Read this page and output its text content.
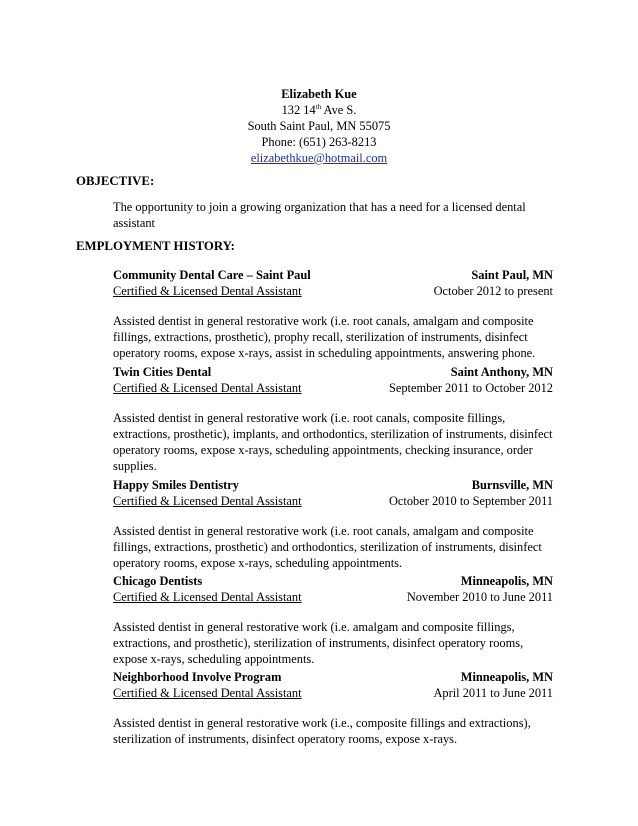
Elizabeth Kue
132 14th Ave S.
South Saint Paul, MN 55075
Phone: (651) 263-8213
elizabethkue@hotmail.com
OBJECTIVE:
The opportunity to join a growing organization that has a need for a licensed dental assistant
EMPLOYMENT HISTORY:
Community Dental Care – Saint Paul	Saint Paul, MN
Certified & Licensed Dental Assistant	October 2012 to present
Assisted dentist in general restorative work (i.e. root canals, amalgam and composite fillings, extractions, prosthetic), prophy recall, sterilization of instruments, disinfect operatory rooms, expose x-rays, assist in scheduling appointments, answering phone.
Twin Cities Dental	Saint Anthony, MN
Certified & Licensed Dental Assistant	September 2011 to October 2012
Assisted dentist in general restorative work (i.e. root canals, composite fillings, extractions, prosthetic), implants, and orthodontics, sterilization of instruments, disinfect operatory rooms, expose x-rays, scheduling appointments, checking insurance, order supplies.
Happy Smiles Dentistry	Burnsville, MN
Certified & Licensed Dental Assistant	October 2010 to September 2011
Assisted dentist in general restorative work (i.e. root canals, amalgam and composite fillings, extractions, prosthetic) and orthodontics, sterilization of instruments, disinfect operatory rooms, expose x-rays, scheduling appointments.
Chicago Dentists	Minneapolis, MN
Certified & Licensed Dental Assistant	November 2010 to June 2011
Assisted dentist in general restorative work (i.e. amalgam and composite fillings, extractions, and prosthetic), sterilization of instruments, disinfect operatory rooms, expose x-rays, scheduling appointments.
Neighborhood Involve Program	Minneapolis, MN
Certified & Licensed Dental Assistant	April 2011 to June 2011
Assisted dentist in general restorative work (i.e., composite fillings and extractions), sterilization of instruments, disinfect operatory rooms, expose x-rays.
